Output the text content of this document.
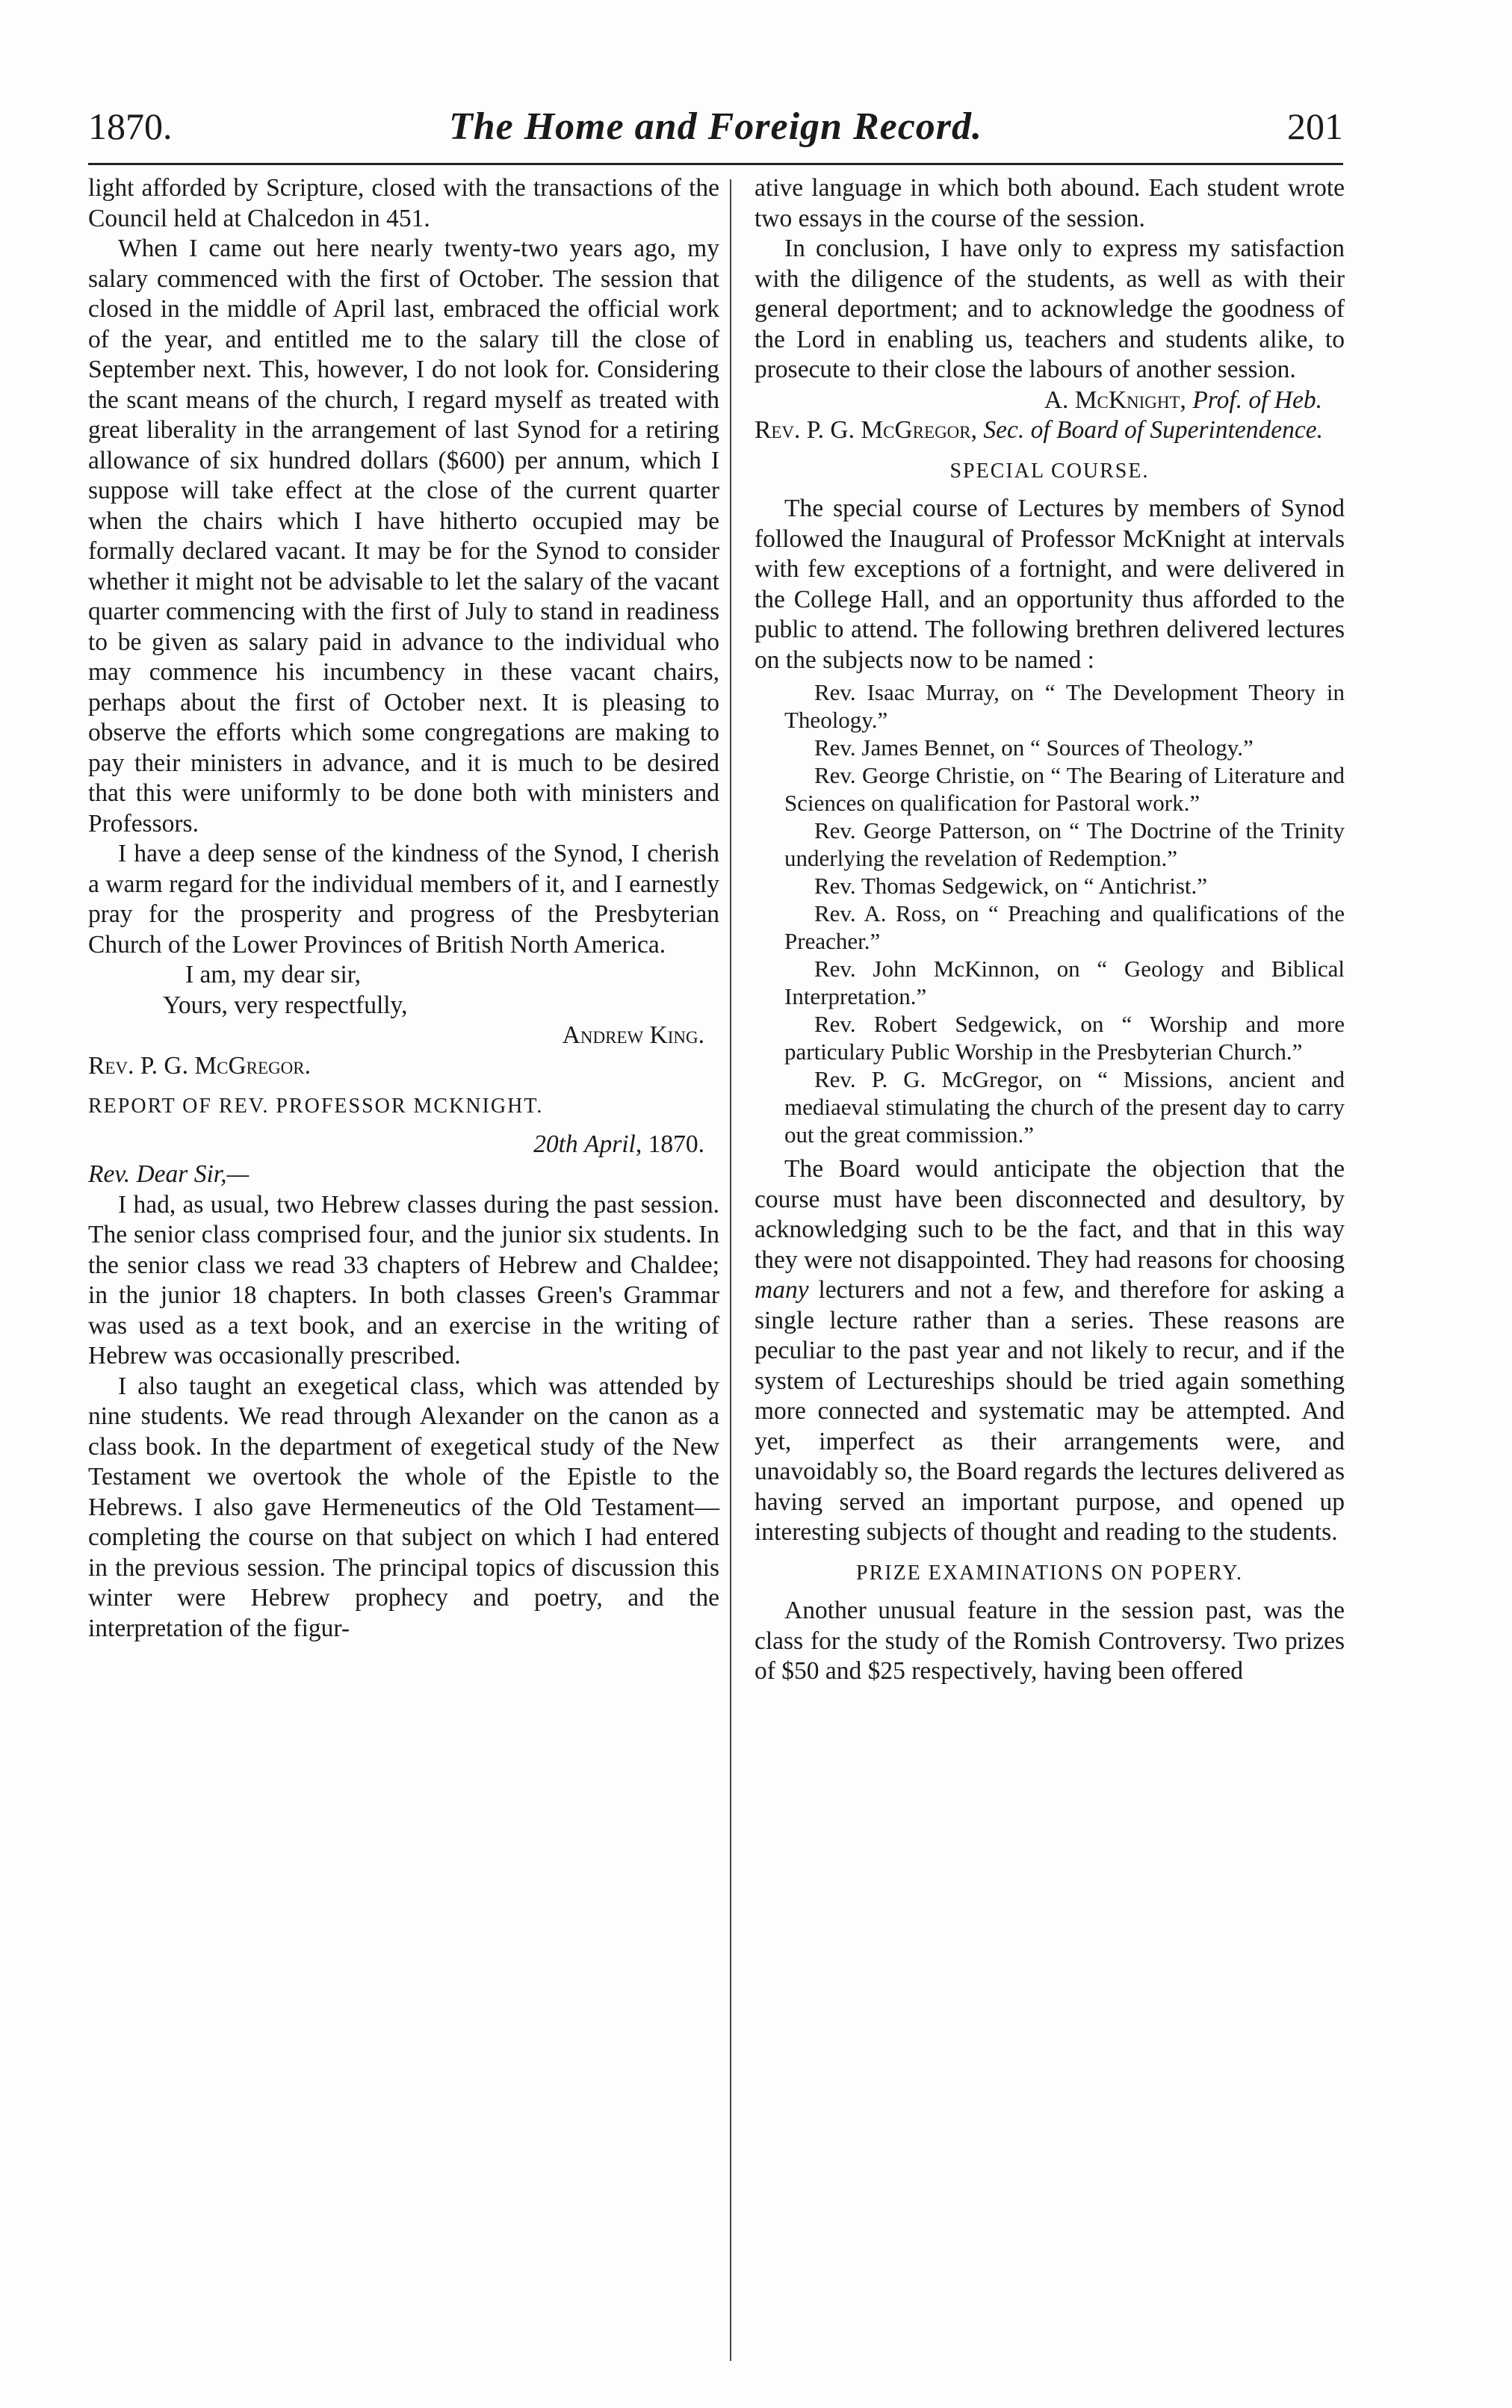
1870.	The Home and Foreign Record.	201

light afforded by Scripture, closed with the transactions of the Council held at Chalcedon in 451.

When I came out here nearly twenty-two years ago, my salary commenced with the first of October. The session that closed in the middle of April last, embraced the official work of the year, and entitled me to the salary till the close of September next. This, however, I do not look for. Considering the scant means of the church, I regard myself as treated with great liberality in the arrangement of last Synod for a retiring allowance of six hundred dollars ($600) per annum, which I suppose will take effect at the close of the current quarter when the chairs which I have hitherto occupied may be formally declared vacant. It may be for the Synod to consider whether it might not be advisable to let the salary of the vacant quarter commencing with the first of July to stand in readiness to be given as salary paid in advance to the individual who may commence his incumbency in these vacant chairs, perhaps about the first of October next. It is pleasing to observe the efforts which some congregations are making to pay their ministers in advance, and it is much to be desired that this were uniformly to be done both with ministers and Professors.

I have a deep sense of the kindness of the Synod, I cherish a warm regard for the individual members of it, and I earnestly pray for the prosperity and progress of the Presbyterian Church of the Lower Provinces of British North America.

I am, my dear sir,

Yours, very respectfully,

Andrew King.

Rev. P. G. McGregor.

REPORT OF REV. PROFESSOR MCKNIGHT.

20th April, 1870.

Rev. Dear Sir,—

I had, as usual, two Hebrew classes during the past session. The senior class comprised four, and the junior six students. In the senior class we read 33 chapters of Hebrew and Chaldee; in the junior 18 chapters. In both classes Green's Grammar was used as a text book, and an exercise in the writing of Hebrew was occasionally prescribed.

I also taught an exegetical class, which was attended by nine students. We read through Alexander on the canon as a class book. In the department of exegetical study of the New Testament we overtook the whole of the Epistle to the Hebrews. I also gave Hermeneutics of the Old Testament—completing the course on that subject on which I had entered in the previous session. The principal topics of discussion this winter were Hebrew prophecy and poetry, and the interpretation of the figur-

ative language in which both abound. Each student wrote two essays in the course of the session.

In conclusion, I have only to express my satisfaction with the diligence of the students, as well as with their general deportment; and to acknowledge the goodness of the Lord in enabling us, teachers and students alike, to prosecute to their close the labours of another session.

A. McKnight, Prof. of Heb.

Rev. P. G. McGregor, Sec. of Board of Superintendence.

SPECIAL COURSE.

The special course of Lectures by members of Synod followed the Inaugural of Professor McKnight at intervals with few exceptions of a fortnight, and were delivered in the College Hall, and an opportunity thus afforded to the public to attend. The following brethren delivered lectures on the subjects now to be named :

Rev. Isaac Murray, on “ The Development Theory in Theology.”

Rev. James Bennet, on “ Sources of Theology.”

Rev. George Christie, on “ The Bearing of Literature and Sciences on qualification for Pastoral work.”

Rev. George Patterson, on “ The Doctrine of the Trinity underlying the revelation of Redemption.”

Rev. Thomas Sedgewick, on “ Antichrist.”

Rev. A. Ross, on “ Preaching and qualifications of the Preacher.”

Rev. John McKinnon, on “ Geology and Biblical Interpretation.”

Rev. Robert Sedgewick, on “ Worship and more particulary Public Worship in the Presbyterian Church.”

Rev. P. G. McGregor, on “ Missions, ancient and mediaeval stimulating the church of the present day to carry out the great commission.”

The Board would anticipate the objection that the course must have been disconnected and desultory, by acknowledging such to be the fact, and that in this way they were not disappointed. They had reasons for choosing many lecturers and not a few, and therefore for asking a single lecture rather than a series. These reasons are peculiar to the past year and not likely to recur, and if the system of Lectureships should be tried again something more connected and systematic may be attempted. And yet, imperfect as their arrangements were, and unavoidably so, the Board regards the lectures delivered as having served an important purpose, and opened up interesting subjects of thought and reading to the students.

PRIZE EXAMINATIONS ON POPERY.

Another unusual feature in the session past, was the class for the study of the Romish Controversy. Two prizes of $50 and $25 respectively, having been offered
